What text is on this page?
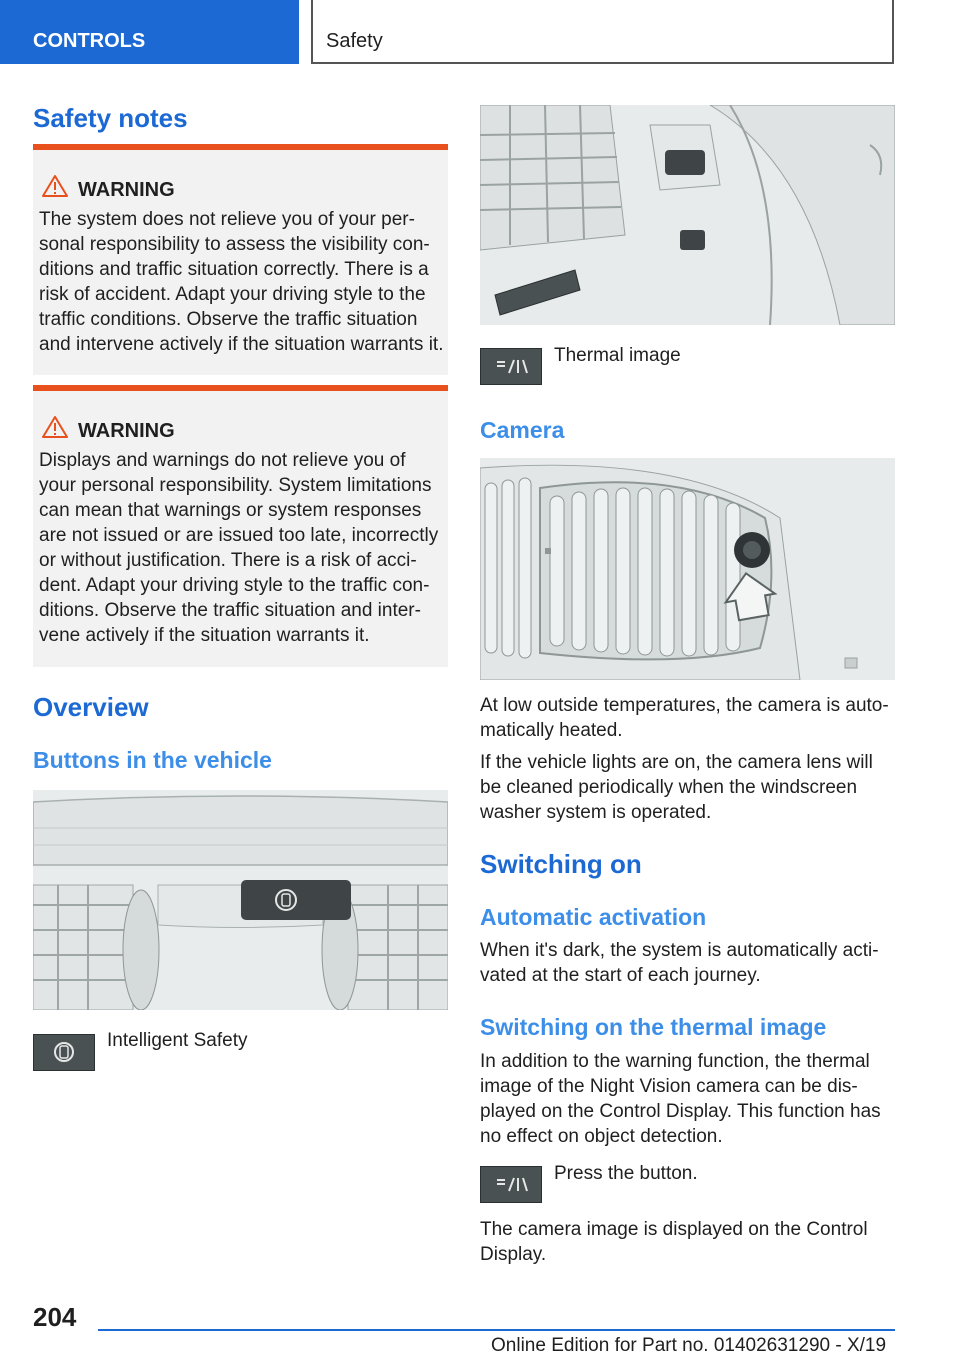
CONTROLS	Safety
Safety notes
WARNING
The system does not relieve you of your per-
sonal responsibility to assess the visibility con-
ditions and traffic situation correctly. There is a
risk of accident. Adapt your driving style to the
traffic conditions. Observe the traffic situation
and intervene actively if the situation warrants it.
WARNING
Displays and warnings do not relieve you of
your personal responsibility. System limitations
can mean that warnings or system responses
are not issued or are issued too late, incorrectly
or without justification. There is a risk of acci-
dent. Adapt your driving style to the traffic con-
ditions. Observe the traffic situation and inter-
vene actively if the situation warrants it.
Overview
Buttons in the vehicle
Intelligent Safety
Thermal image
Camera
At low outside temperatures, the camera is auto-
matically heated.
If the vehicle lights are on, the camera lens will
be cleaned periodically when the windscreen
washer system is operated.
Switching on
Automatic activation
When it's dark, the system is automatically acti-
vated at the start of each journey.
Switching on the thermal image
In addition to the warning function, the thermal
image of the Night Vision camera can be dis-
played on the Control Display. This function has
no effect on object detection.
Press the button.
The camera image is displayed on the Control
Display.
204
Online Edition for Part no. 01402631290 - X/19
